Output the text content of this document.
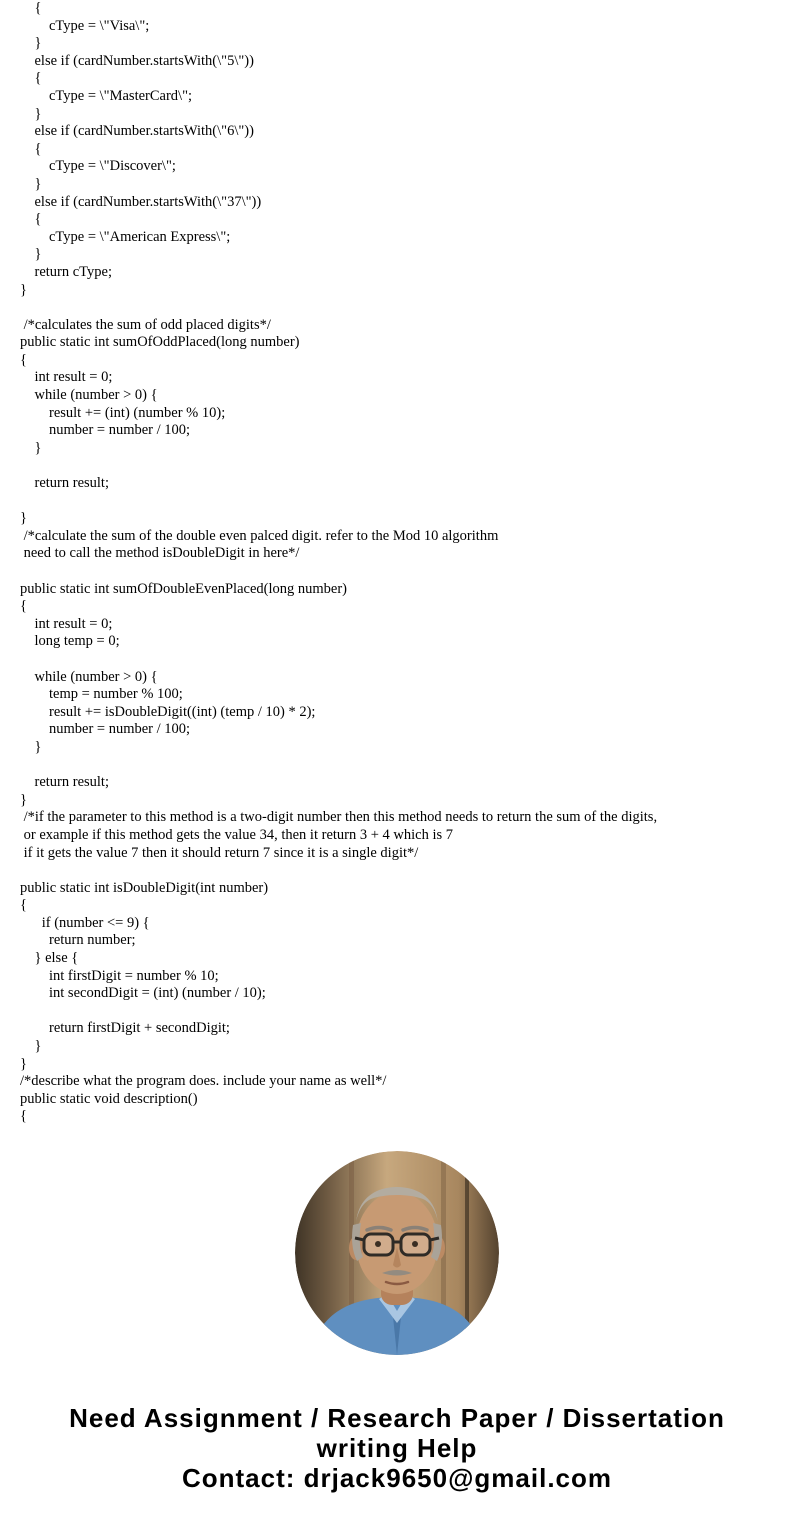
{
cType = \"Visa\";
}
else if (cardNumber.startsWith(\"5\"))
{
cType = \"MasterCard\";
}
else if (cardNumber.startsWith(\"6\"))
{
cType = \"Discover\";
}
else if (cardNumber.startsWith(\"37\"))
{
cType = \"American Express\";
}
return cType;
}

/*calculates the sum of odd placed digits*/
public static int sumOfOddPlaced(long number)
{
int result = 0;
while (number > 0) {
result += (int) (number % 10);
number = number / 100;
}

return result;

}
/*calculate the sum of the double even palced digit. refer to the Mod 10 algorithm
need to call the method isDoubleDigit in here*/

public static int sumOfDoubleEvenPlaced(long number)
{
int result = 0;
long temp = 0;

while (number > 0) {
temp = number % 100;
result += isDoubleDigit((int) (temp / 10) * 2);
number = number / 100;
}

return result;
}
/*if the parameter to this method is a two-digit number then this method needs to return the sum of the digits,
or example if this method gets the value 34, then it return 3 + 4 which is 7
if it gets the value 7 then it should return 7 since it is a single digit*/

public static int isDoubleDigit(int number)
{
if (number <= 9) {
return number;
} else {
int firstDigit = number % 10;
int secondDigit = (int) (number / 10);

return firstDigit + secondDigit;
}
}
/*describe what the program does. include your name as well*/
public static void description()
{
Need Assignment / Research Paper / Dissertation
writing Help
Contact: drjack9650@gmail.com
